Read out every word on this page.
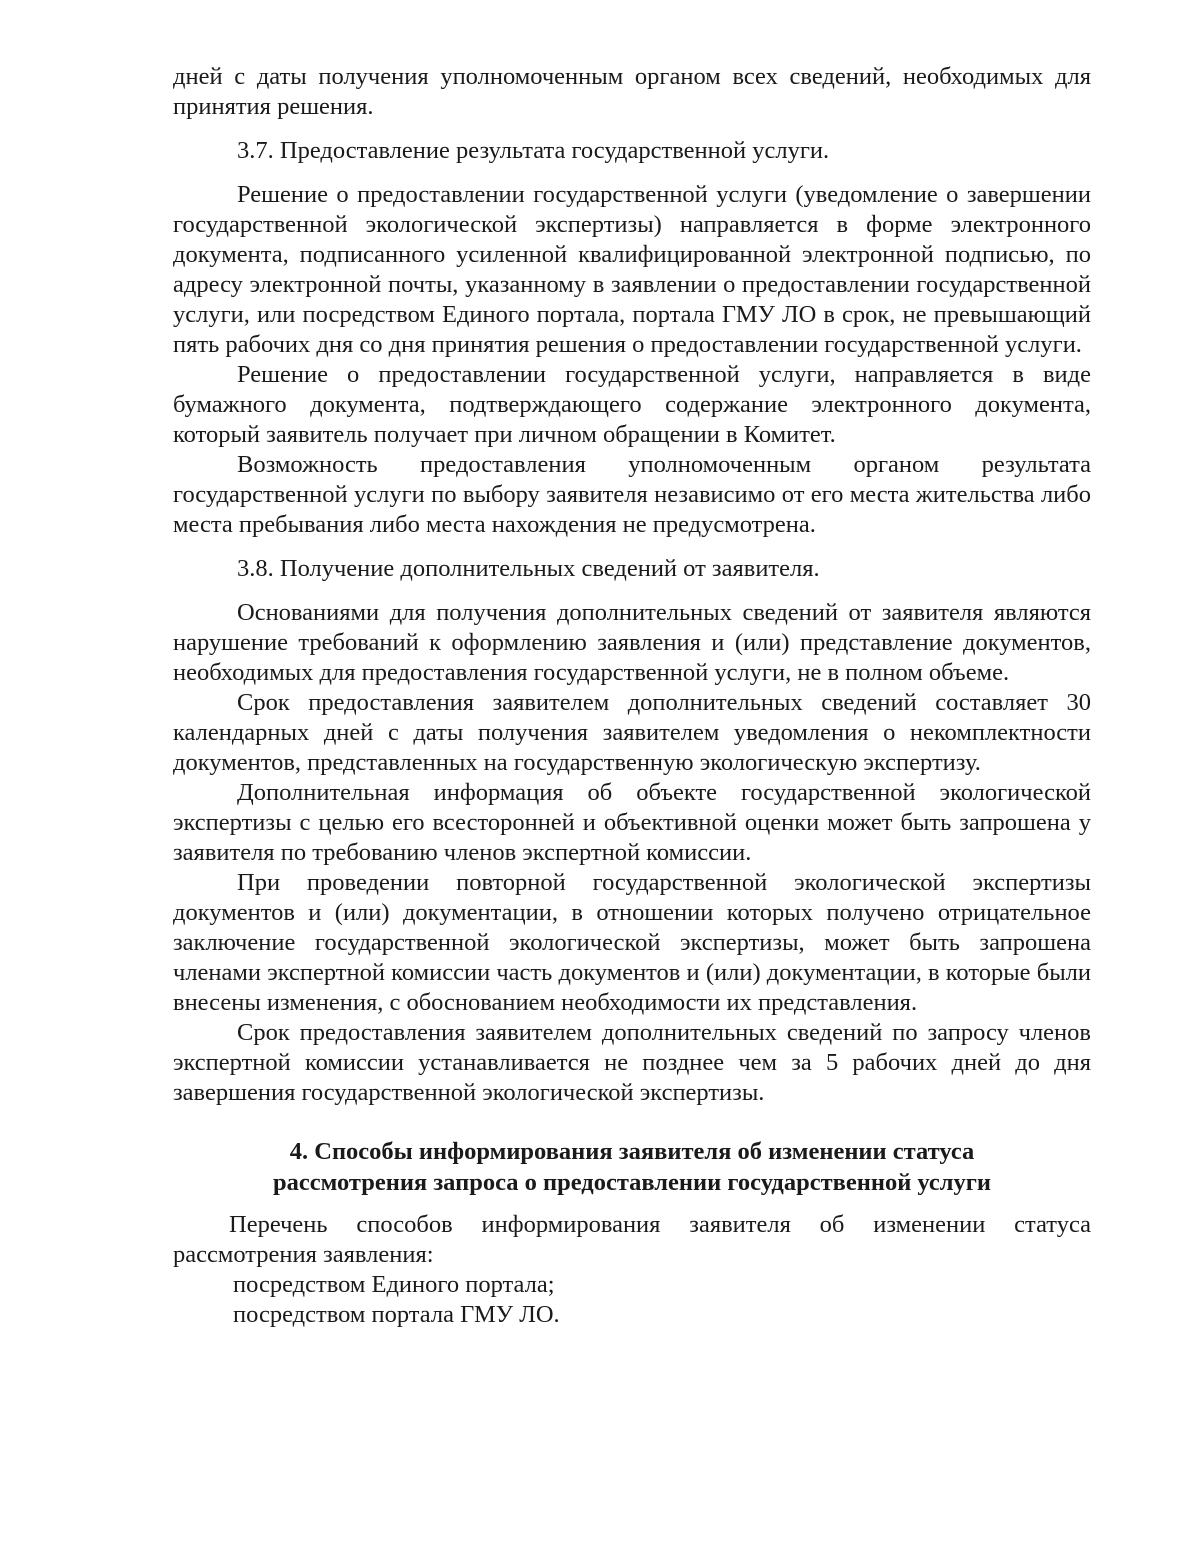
дней с даты получения уполномоченным органом всех сведений, необходимых для принятия решения.

3.7. Предоставление результата государственной услуги.

Решение о предоставлении государственной услуги (уведомление о завершении государственной экологической экспертизы) направляется в форме электронного документа, подписанного усиленной квалифицированной электронной подписью, по адресу электронной почты, указанному в заявлении о предоставлении государственной услуги, или посредством Единого портала, портала ГМУ ЛО в срок, не превышающий пять рабочих дня со дня принятия решения о предоставлении государственной услуги.

Решение о предоставлении государственной услуги, направляется в виде бумажного документа, подтверждающего содержание электронного документа, который заявитель получает при личном обращении в Комитет.

Возможность предоставления уполномоченным органом результата государственной услуги по выбору заявителя независимо от его места жительства либо места пребывания либо места нахождения не предусмотрена.

3.8. Получение дополнительных сведений от заявителя.

Основаниями для получения дополнительных сведений от заявителя являются нарушение требований к оформлению заявления и (или) представление документов, необходимых для предоставления государственной услуги, не в полном объеме.

Срок предоставления заявителем дополнительных сведений составляет 30 календарных дней с даты получения заявителем уведомления о некомплектности документов, представленных на государственную экологическую экспертизу.

Дополнительная информация об объекте государственной экологической экспертизы с целью его всесторонней и объективной оценки может быть запрошена у заявителя по требованию членов экспертной комиссии.

При проведении повторной государственной экологической экспертизы документов и (или) документации, в отношении которых получено отрицательное заключение государственной экологической экспертизы, может быть запрошена членами экспертной комиссии часть документов и (или) документации, в которые были внесены изменения, с обоснованием необходимости их представления.

Срок предоставления заявителем дополнительных сведений по запросу членов экспертной комиссии устанавливается не позднее чем за 5 рабочих дней до дня завершения государственной экологической экспертизы.

4. Способы информирования заявителя об изменении статуса

рассмотрения запроса о предоставлении государственной услуги

Перечень способов информирования заявителя об изменении статуса рассмотрения заявления:

посредством Единого портала;

посредством портала ГМУ ЛО.
